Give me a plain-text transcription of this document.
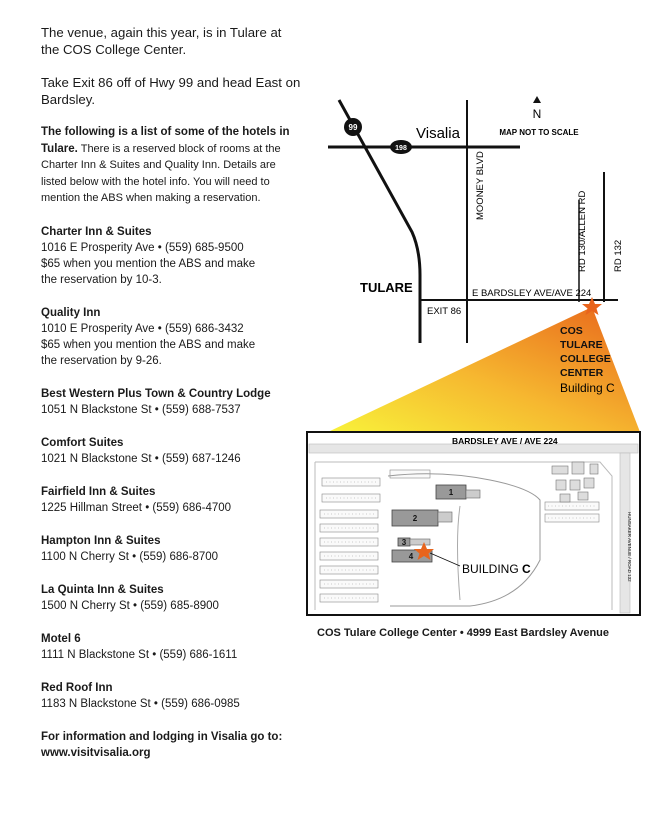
The venue, again this year, is in Tulare at the COS College Center.

Take Exit 86 off of Hwy 99 and head East on Bardsley.

The following is a list of some of the hotels in Tulare. There is a reserved block of rooms at the Charter Inn & Suites and Quality Inn. Details are listed below with the hotel info. You will need to mention the ABS when making a reservation.
Charter Inn & Suites
1016 E Prosperity Ave • (559) 685-9500
$65 when you mention the ABS and make
the reservation by 10-3.
Quality Inn
1010 E Prosperity Ave • (559) 686-3432
$65 when you mention the ABS and make
the reservation by 9-26.
Best Western Plus Town & Country Lodge
1051 N Blackstone St • (559) 688-7537
Comfort Suites
1021 N Blackstone St • (559) 687-1246
Fairfield Inn & Suites
1225 Hillman Street • (559) 686-4700
Hampton Inn & Suites
1100 N Cherry St • (559) 686-8700
La Quinta Inn & Suites
1500 N Cherry St • (559) 685-8900
Motel 6
1111 N Blackstone St • (559) 686-1611
Red Roof Inn
1183 N Blackstone St • (559) 686-0985
For information and lodging in Visalia go to: www.visitvisalia.org
N
MAP NOT TO SCALE
99
198
Visalia
TULARE
MOONEY BLVD
RD 130/ALLEN RD	RD 132
E BARDSLEY AVE/AVE 224
EXIT 86
COS
TULARE
COLLEGE
CENTER
Building C
1
2
3
4
BUILDING C
BARDSLEY AVE / AVE 224
HUNSAKER AVENUE / ROAD 132
COS Tulare College Center • 4999 East Bardsley Avenue
